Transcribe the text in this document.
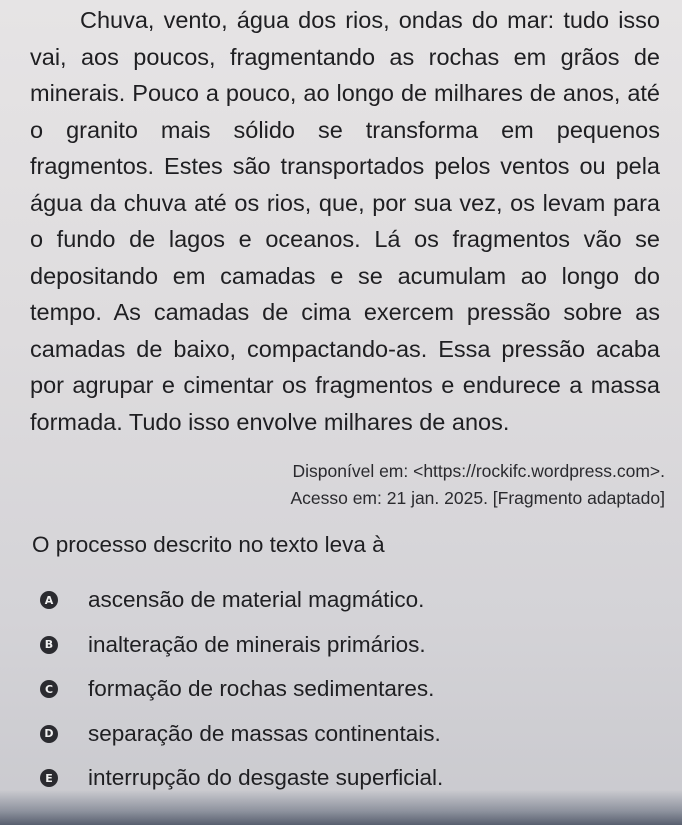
Chuva, vento, água dos rios, ondas do mar: tudo isso vai, aos poucos, fragmentando as rochas em grãos de minerais. Pouco a pouco, ao longo de milhares de anos, até o granito mais sólido se transforma em pequenos fragmentos. Estes são transportados pelos ventos ou pela água da chuva até os rios, que, por sua vez, os levam para o fundo de lagos e oceanos. Lá os fragmentos vão se depositando em camadas e se acumulam ao longo do tempo. As camadas de cima exercem pressão sobre as camadas de baixo, compactando-as. Essa pressão acaba por agrupar e cimentar os fragmentos e endurece a massa formada. Tudo isso envolve milhares de anos.

Disponível em: <https://rockifc.wordpress.com>.
Acesso em: 21 jan. 2025. [Fragmento adaptado]
O processo descrito no texto leva à
A ascensão de material magmático.
B inalteração de minerais primários.
C formação de rochas sedimentares.
D separação de massas continentais.
E interrupção do desgaste superficial.
